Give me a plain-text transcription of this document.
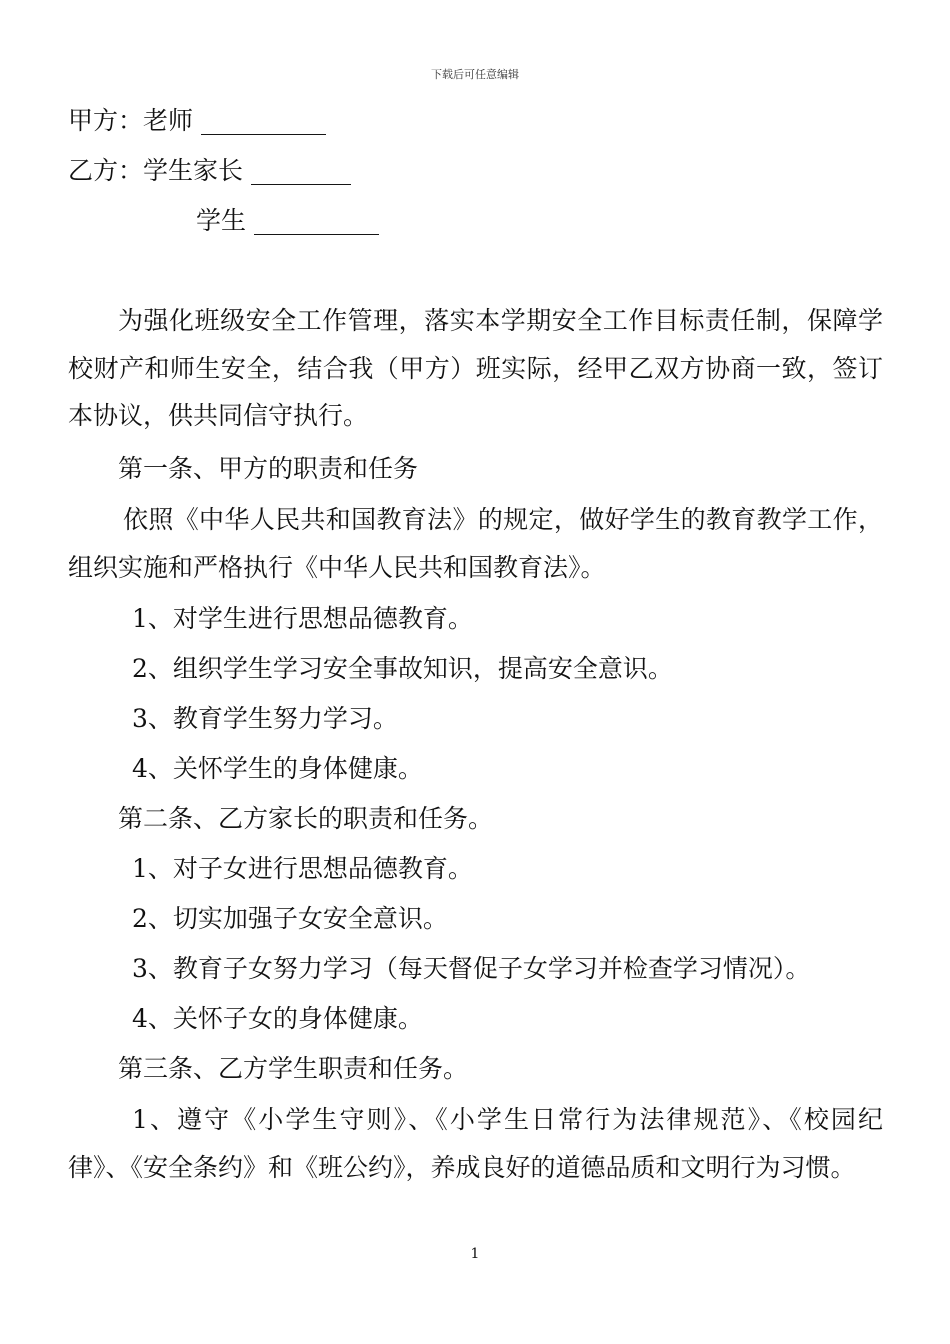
下载后可任意编辑
甲方：老师 __________
乙方：学生家长 ________
学生 __________
为强化班级安全工作管理，落实本学期安全工作目标责任制，保障学校财产和师生安全，结合我（甲方）班实际，经甲乙双方协商一致，签订本协议，供共同信守执行。
第一条、甲方的职责和任务
依照《中华人民共和国教育法》的规定，做好学生的教育教学工作，组织实施和严格执行《中华人民共和国教育法》。
1、对学生进行思想品德教育。
2、组织学生学习安全事故知识，提高安全意识。
3、教育学生努力学习。
4、关怀学生的身体健康。
第二条、乙方家长的职责和任务。
1、对子女进行思想品德教育。
2、切实加强子女安全意识。
3、教育子女努力学习（每天督促子女学习并检查学习情况）。
4、关怀子女的身体健康。
第三条、乙方学生职责和任务。
1、遵守《小学生守则》、《小学生日常行为法律规范》、《校园纪律》、《安全条约》和《班公约》，养成良好的道德品质和文明行为习惯。
1
